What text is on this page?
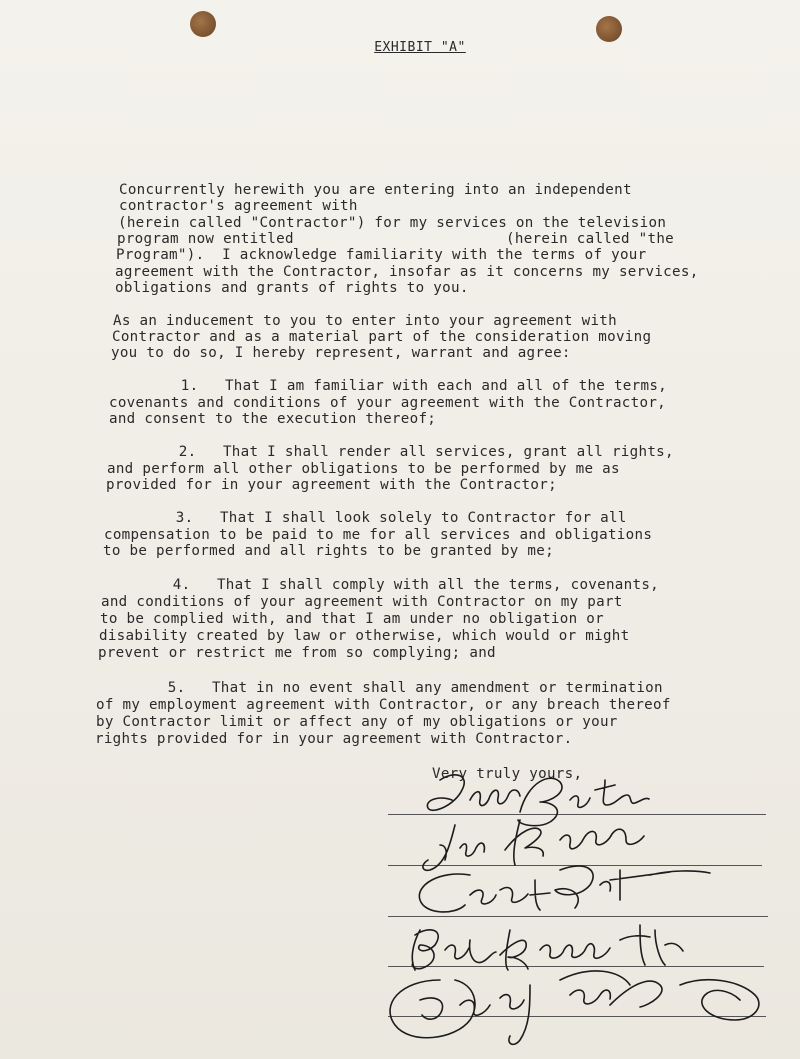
EXHIBIT "A"
Concurrently herewith you are entering into an independent
contractor's agreement with
(herein called "Contractor") for my services on the television
program now entitled                        (herein called "the
Program").  I acknowledge familiarity with the terms of your
agreement with the Contractor, insofar as it concerns my services,
obligations and grants of rights to you.
As an inducement to you to enter into your agreement with
Contractor and as a material part of the consideration moving
you to do so, I hereby represent, warrant and agree:
1.   That I am familiar with each and all of the terms,
covenants and conditions of your agreement with the Contractor,
and consent to the execution thereof;
2.   That I shall render all services, grant all rights,
and perform all other obligations to be performed by me as
provided for in your agreement with the Contractor;
3.   That I shall look solely to Contractor for all
compensation to be paid to me for all services and obligations
to be performed and all rights to be granted by me;
4.   That I shall comply with all the terms, covenants,
and conditions of your agreement with Contractor on my part
to be complied with, and that I am under no obligation or
disability created by law or otherwise, which would or might
prevent or restrict me from so complying; and
5.   That in no event shall any amendment or termination
of my employment agreement with Contractor, or any breach thereof
by Contractor limit or affect any of my obligations or your
rights provided for in your agreement with Contractor.
Very truly yours,
